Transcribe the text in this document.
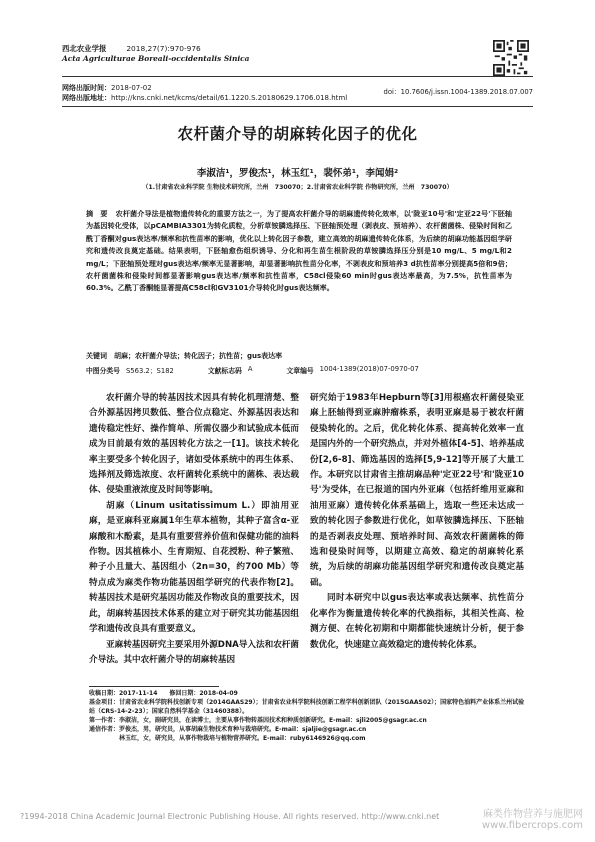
西北农业学报	2018,27(7):970-976
Acta Agriculturae Boreali-occidentalis Sinica
网络出版时间：2018-07-02	doi：10.7606/j.issn.1004-1389.2018.07.007
网络出版地址：http://kns.cnki.net/kcms/detail/61.1220.S.20180629.1706.018.html
农杆菌介导的胡麻转化因子的优化
李淑洁¹，罗俊杰¹，林玉红¹，裴怀弟¹，李闻娟²
（1.甘肃省农业科学院 生物技术研究所，兰州　730070；2.甘肃省农业科学院 作物研究所，兰州　730070）
摘　要 农杆菌介导法是植物遗传转化的重要方法之一，为了提高农杆菌介导的胡麻遗传转化效率，以'陇亚10号'和'定亚22号'下胚轴为基因转化受体，以pCAMBIA3301为转化质粒，分析草铵膦选择压、下胚轴预处理（剥表皮、预培养）、农杆菌菌株、侵染时间和乙酰丁香酮对gus表达率/频率和抗性苗率的影响，优化以上转化因子参数，建立高效的胡麻遗传转化体系，为后续的胡麻功能基因组学研究和遗传改良奠定基础。结果表明，下胚轴愈伤组织诱导、分化和再生苗生根阶段的草铵膦选择压分别是10 mg/L、5 mg/L和2 mg/L；下胚轴预处理对gus表达率/频率无显著影响，却显著影响抗性苗分化率，不剥表皮和预培养3 d抗性苗率分别提高5倍和9倍；农杆菌菌株和侵染时间都显著影响gus表达率/频率和抗性苗率，C58cl侵染60 min时gus表达率最高，为7.5%，抗性苗率为60.3%。乙酰丁香酮能显著提高C58cl和GV3101介导转化时gus表达频率。
关键词　 胡麻；农杆菌介导法；转化因子；抗性苗；gus表达率
中图分类号 S563.2；S182	文献标志码 A	文章编号 1004-1389(2018)07-0970-07

农杆菌介导的转基因技术因具有转化机理清楚、整合外源基因拷贝数低、整合位点稳定、外源基因表达和遗传稳定性好、操作简单、所需仪器少和试验成本低而成为目前最有效的基因转化方法之一[1]。该技术转化率主要受多个转化因子，诸如受体系统中的再生体系、选择剂及筛选浓度、农杆菌转化系统中的菌株、表达载体、侵染重液浓度及时间等影响。

胡麻（Linum usitatissimum L.）即油用亚麻，是亚麻科亚麻属1年生草本植物，其种子富含α-亚麻酸和木酚素，是具有重要营养价值和保健功能的油料作物。因其植株小、生育期短、自花授粉、种子繁殖、种子小且量大、基因组小（2n=30，约700 Mb）等特点成为麻类作物功能基因组学研究的代表作物[2]。转基因技术是研究基因功能及作物改良的重要技术，因此，胡麻转基因技术体系的建立对于研究其功能基因组学和遗传改良具有重要意义。

亚麻转基因研究主要采用外源DNA导入法和农杆菌介导法。其中农杆菌介导的胡麻转基因

研究始于1983年Hepburn等[3]用根癌农杆菌侵染亚麻上胚轴得到亚麻肿瘤株系，表明亚麻是易于被农杆菌侵染转化的。之后，优化转化体系、提高转化效率一直是国内外的一个研究热点，并对外植体[4-5]、培养基成份[2,6-8]、筛选基因的选择[5,9-12]等开展了大量工作。本研究以甘肃省主推胡麻品种'定亚22号'和'陇亚10号'为受体，在已报道的国内外亚麻（包括纤维用亚麻和油用亚麻）遗传转化体系基础上，选取一些还未达成一致的转化因子参数进行优化，如草铵膦选择压、下胚轴的是否剥表皮处理、预培养时间、高效农杆菌菌株的筛选和侵染时间等，以期建立高效、稳定的胡麻转化系统，为后续的胡麻功能基因组学研究和遗传改良奠定基础。

同时本研究中以gus表达率或表达频率、抗性苗分化率作为衡量遗传转化率的代换指标，其相关性高、检测方便、在转化初期和中期都能快速统计分析，便于参数优化，快速建立高效稳定的遗传转化体系。

收稿日期：2017-11-14　　修回日期：2018-04-09
基金项目：甘肃省农业科学院科技创新专项（2014GAAS29）；甘肃省农业科学院科技创新工程学科创新团队（2015GAAS02）；国家特色油料产业体系兰州试验站（CRS-14-2-23）；国家自然科学基金（31460388）。
第一作者：李淑洁，女，副研究员，在读博士，主要从事作物转基因技术和种质创新研究。E-mail：sjli2005@gsagr.ac.cn
通信作者：罗俊杰，男，研究员，从事胡麻生物技术育种与栽培研究。E-mail：sjaljie@gsagr.ac.cn
　　　　　林玉红，女，研究员，从事作物栽培与植物营养研究。E-mail：ruby6146926@qq.com
?1994-2018 China Academic Journal Electronic Publishing House. All rights reserved. http://www.cnki.net	麻类作物营养与施肥网
www.fibercrops.com
